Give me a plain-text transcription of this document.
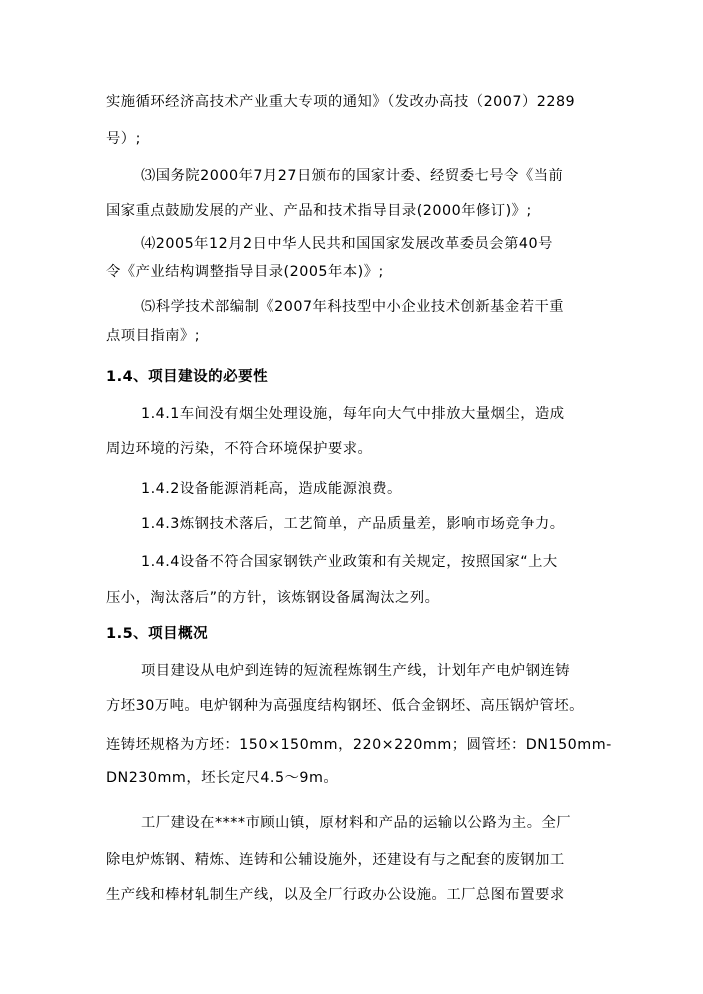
实施循环经济高技术产业重大专项的通知》（发改办高技（2007）2289
号）;
⑶国务院2000年7月27日颁布的国家计委、经贸委七号令《当前
国家重点鼓励发展的产业、产品和技术指导目录(2000年修订)》;
⑷2005年12月2日中华人民共和国国家发展改革委员会第40号
令《产业结构调整指导目录(2005年本)》;
⑸科学技术部编制《2007年科技型中小企业技术创新基金若干重
点项目指南》;
1.4、项目建设的必要性
1.4.1车间没有烟尘处理设施，每年向大气中排放大量烟尘，造成
周边环境的污染，不符合环境保护要求。
1.4.2设备能源消耗高，造成能源浪费。
1.4.3炼钢技术落后，工艺简单，产品质量差，影响市场竞争力。
1.4.4设备不符合国家钢铁产业政策和有关规定，按照国家“上大
压小，淘汰落后”的方针，该炼钢设备属淘汰之列。
1.5、项目概况
项目建设从电炉到连铸的短流程炼钢生产线，计划年产电炉钢连铸
方坯30万吨。电炉钢种为高强度结构钢坯、低合金钢坯、高压锅炉管坯。
连铸坯规格为方坯：150×150mm，220×220mm；圆管坯：DN150mm-
DN230mm，坯长定尺4.5～9m。
工厂建设在****市顾山镇，原材料和产品的运输以公路为主。全厂
除电炉炼钢、精炼、连铸和公辅设施外，还建设有与之配套的废钢加工
生产线和棒材轧制生产线，以及全厂行政办公设施。工厂总图布置要求
